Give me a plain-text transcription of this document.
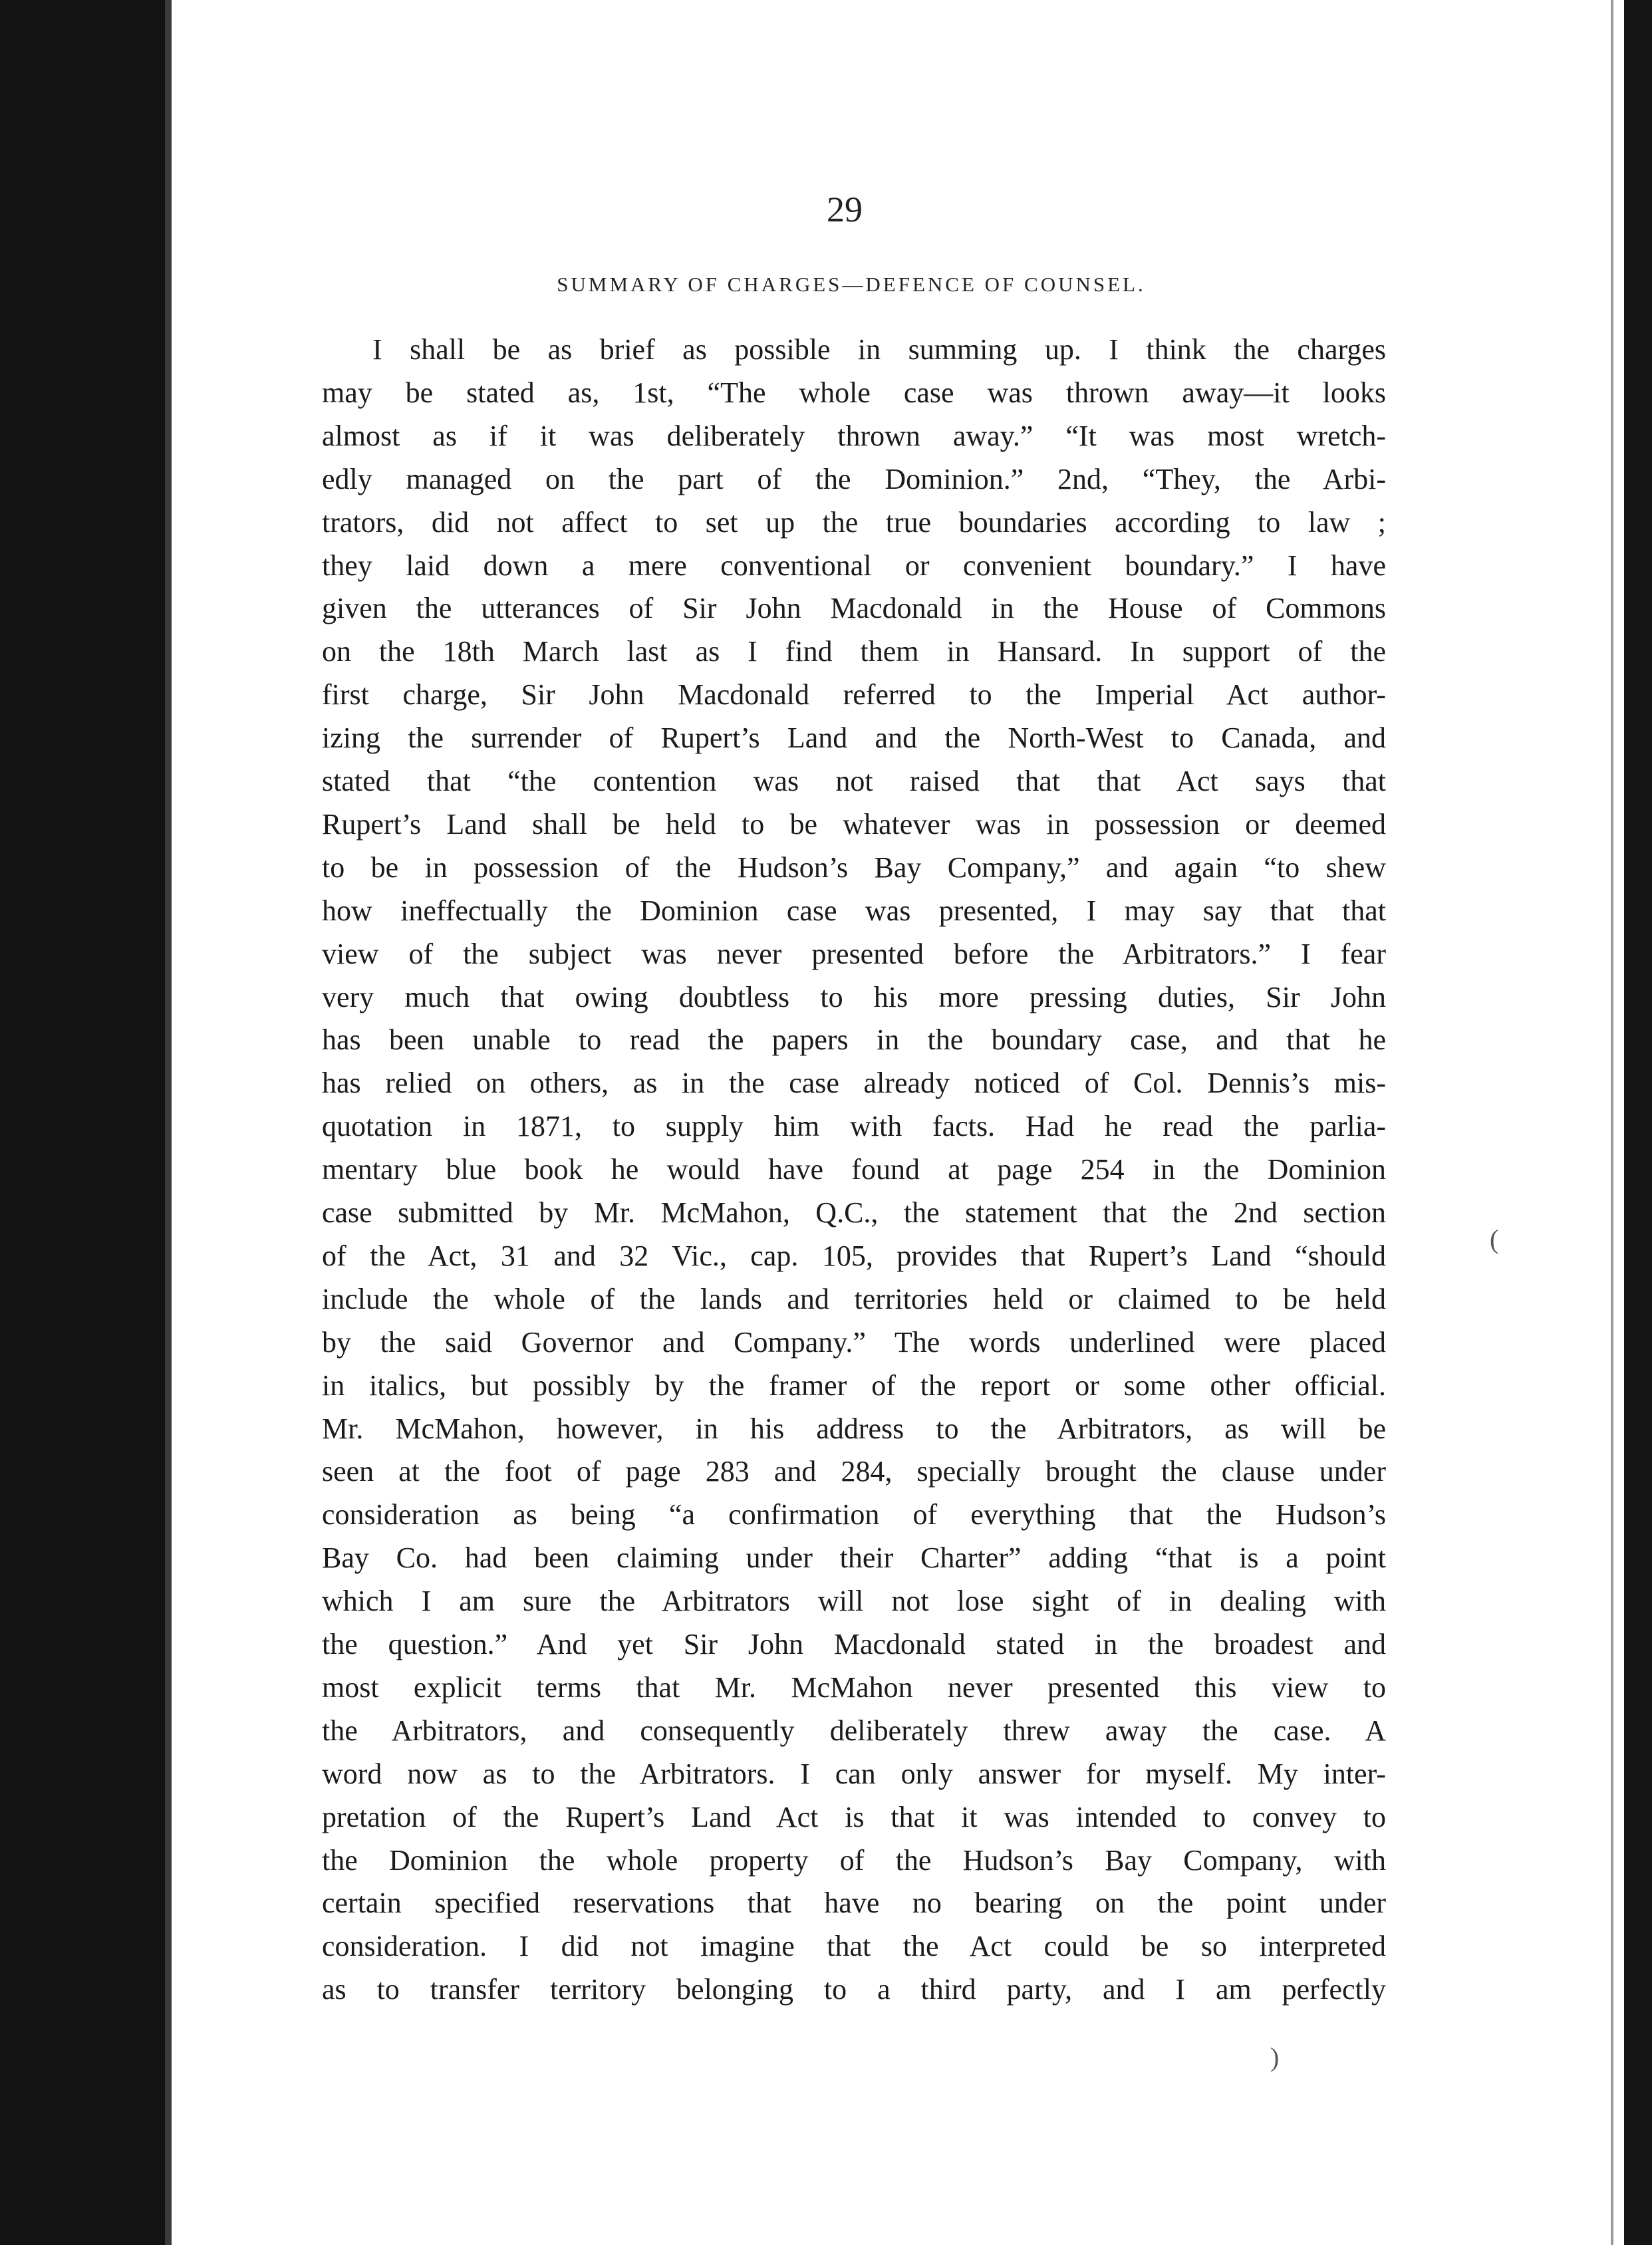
29
SUMMARY OF CHARGES—DEFENCE OF COUNSEL.
I shall be as brief as possible in summing up. I think the charges
may be stated as, 1st, “The whole case was thrown away—it looks
almost as if it was deliberately thrown away.” “It was most wretch-
edly managed on the part of the Dominion.” 2nd, “They, the Arbi-
trators, did not affect to set up the true boundaries according to law ;
they laid down a mere conventional or convenient boundary.” I have
given the utterances of Sir John Macdonald in the House of Commons
on the 18th March last as I find them in Hansard. In support of the
first charge, Sir John Macdonald referred to the Imperial Act author-
izing the surrender of Rupert’s Land and the North-West to Canada, and
stated that “the contention was not raised that that Act says that
Rupert’s Land shall be held to be whatever was in possession or deemed
to be in possession of the Hudson’s Bay Company,” and again “to shew
how ineffectually the Dominion case was presented, I may say that that
view of the subject was never presented before the Arbitrators.” I fear
very much that owing doubtless to his more pressing duties, Sir John
has been unable to read the papers in the boundary case, and that he
has relied on others, as in the case already noticed of Col. Dennis’s mis-
quotation in 1871, to supply him with facts. Had he read the parlia-
mentary blue book he would have found at page 254 in the Dominion
case submitted by Mr. McMahon, Q.C., the statement that the 2nd section
of the Act, 31 and 32 Vic., cap. 105, provides that Rupert’s Land “should
include the whole of the lands and territories held or claimed to be held
by the said Governor and Company.” The words underlined were placed
in italics, but possibly by the framer of the report or some other official.
Mr. McMahon, however, in his address to the Arbitrators, as will be
seen at the foot of page 283 and 284, specially brought the clause under
consideration as being “a confirmation of everything that the Hudson’s
Bay Co. had been claiming under their Charter” adding “that is a point
which I am sure the Arbitrators will not lose sight of in dealing with
the question.” And yet Sir John Macdonald stated in the broadest and
most explicit terms that Mr. McMahon never presented this view to
the Arbitrators, and consequently deliberately threw away the case. A
word now as to the Arbitrators. I can only answer for myself. My inter-
pretation of the Rupert’s Land Act is that it was intended to convey to
the Dominion the whole property of the Hudson’s Bay Company, with
certain specified reservations that have no bearing on the point under
consideration. I did not imagine that the Act could be so interpreted
as to transfer territory belonging to a third party, and I am perfectly
(
)
